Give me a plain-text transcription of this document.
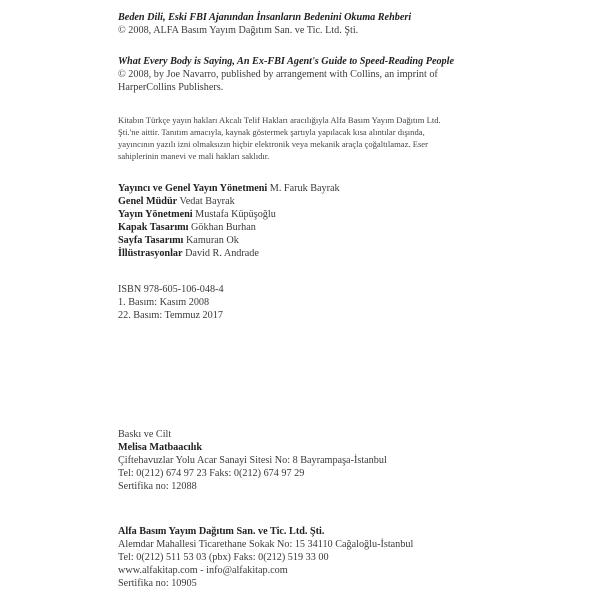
Beden Dili, Eski FBI Ajanından İnsanların Bedenini Okuma Rehberi
© 2008, ALFA Basım Yayım Dağıtım San. ve Tic. Ltd. Şti.
What Every Body is Saying, An Ex-FBI Agent's Guide to Speed-Reading People
© 2008, by Joe Navarro, published by arrangement with Collins, an imprint of
HarperCollins Publishers.
Kitabın Türkçe yayın hakları Akcalı Telif Hakları aracılığıyla Alfa Basım Yayım Dağıtım Ltd.
Şti.'ne aittir. Tanıtım amacıyla, kaynak göstermek şartıyla yapılacak kısa alıntılar dışında,
yayıncının yazılı izni olmaksızın hiçbir elektronik veya mekanik araçla çoğaltılamaz. Eser
sahiplerinin manevi ve mali hakları saklıdır.
Yayıncı ve Genel Yayın Yönetmeni M. Faruk Bayrak
Genel Müdür Vedat Bayrak
Yayın Yönetmeni Mustafa Küpüşoğlu
Kapak Tasarımı Gökhan Burhan
Sayfa Tasarımı Kamuran Ok
İllüstrasyonlar David R. Andrade
ISBN 978-605-106-048-4
1. Basım: Kasım 2008
22. Basım: Temmuz 2017
Baskı ve Cilt
Melisa Matbaacılık
Çiftehavuzlar Yolu Acar Sanayi Sitesi No: 8 Bayrampaşa-İstanbul
Tel: 0(212) 674 97 23 Faks: 0(212) 674 97 29
Sertifika no: 12088
Alfa Basım Yayım Dağıtım San. ve Tic. Ltd. Şti.
Alemdar Mahallesi Ticarethane Sokak No: 15 34110 Cağaloğlu-İstanbul
Tel: 0(212) 511 53 03 (pbx) Faks: 0(212) 519 33 00
www.alfakitap.com - info@alfakitap.com
Sertifika no: 10905
